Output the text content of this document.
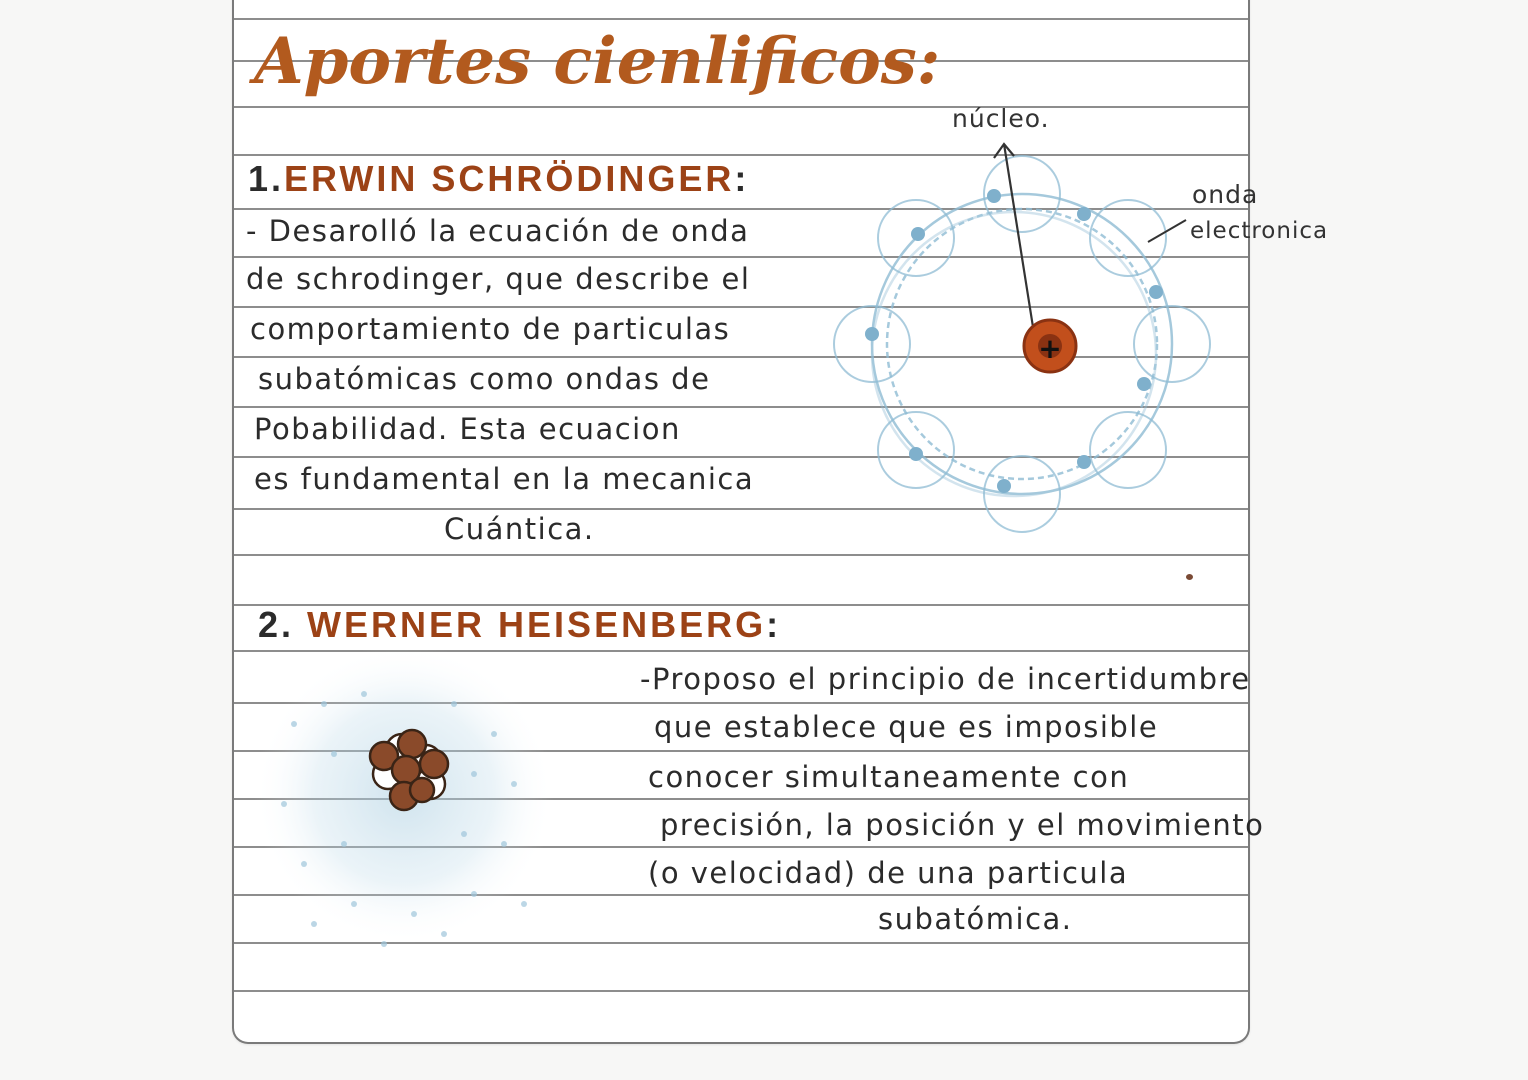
Aportes cienlificos:

1.ERWIN SCHRÖDINGER:

- Desarolló la ecuación de onda

de schrodinger, que describe el

comportamiento de particulas

subatómicas como ondas de

Pobabilidad. Esta ecuacion

es fundamental en la mecanica

Cuántica.

+

núcleo.

onda

electronica

2. WERNER HEISENBERG:

-Proposo el principio de incertidumbre

que establece que es imposible

conocer simultaneamente con

precisión, la posición y el movimiento

(o velocidad) de una particula

subatómica.
